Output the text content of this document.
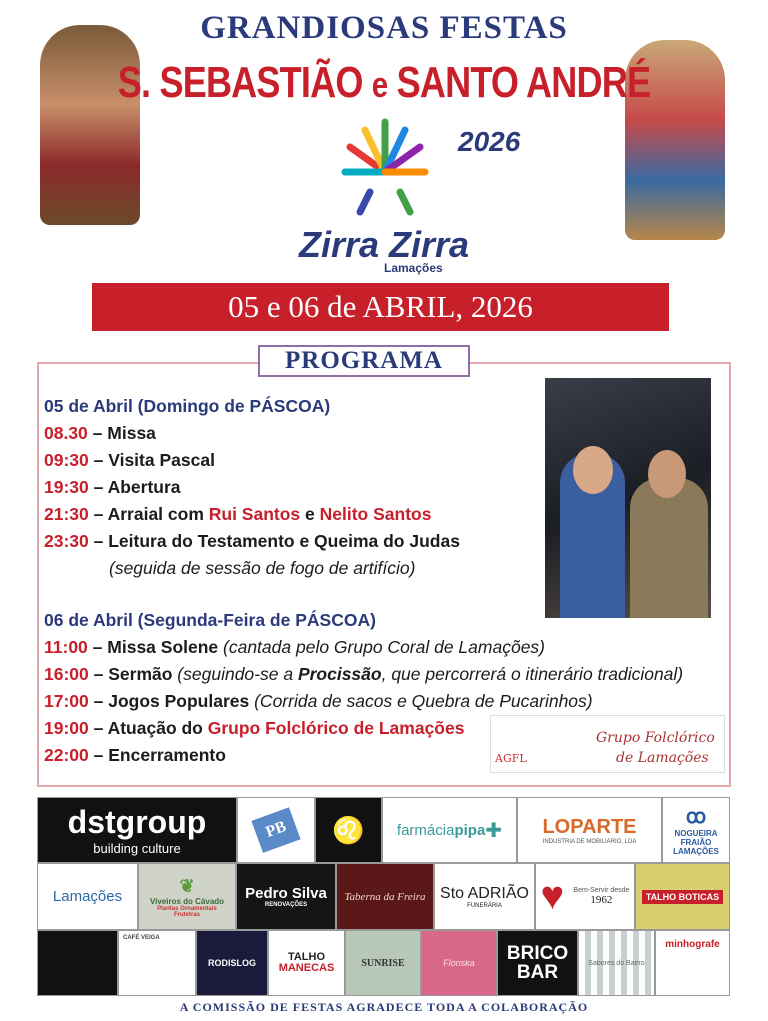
GRANDIOSAS FESTAS
S. SEBASTIÃO e SANTO ANDRÉ
2026
Zirra Zirra
Lamações
05 e 06 de ABRIL, 2026
PROGRAMA
05 de Abril (Domingo de PÁSCOA)
08.30 – Missa
09:30 – Visita Pascal
19:30 – Abertura
21:30 – Arraial com Rui Santos e Nelito Santos
23:30 – Leitura do Testamento e Queima do Judas
(seguida de sessão de fogo de artifício)
06 de Abril (Segunda-Feira de PÁSCOA)
11:00 – Missa Solene (cantada pelo Grupo Coral de Lamações)
16:00 – Sermão (seguindo-se a Procissão, que percorrerá o itinerário tradicional)
17:00 – Jogos Populares (Corrida de sacos e Quebra de Pucarinhos)
19:00 – Atuação do Grupo Folclórico de Lamações
22:00 – Encerramento	AGFL
Grupo Folclórico
de Lamações
dstgroup
building culture
PB	♌	farmácia pipa ✚ LOPARTE
INDUSTRIA DE MOBILIARIO, LDA
ꝏ
NOGUEIRA FRAIÃO LAMAÇÕES
Lamações
❦
Viveiros do Cávado
Plantas Ornamentais
Frutetras
Pedro Silva
RENOVAÇÕES
Taberna da Freira Sto ADRIÃO
FUNERÁRIA ♥ Bem-Servir desde
1962	TALHO BOTICAS
CAFÉ VEIGA
RODISLOG	TALHO
MANECAS	SUNRISE	Floriska BRICO
BAR	Sabores do Bairro
minhografe
A COMISSÃO DE FESTAS AGRADECE TODA A COLABORAÇÃO
